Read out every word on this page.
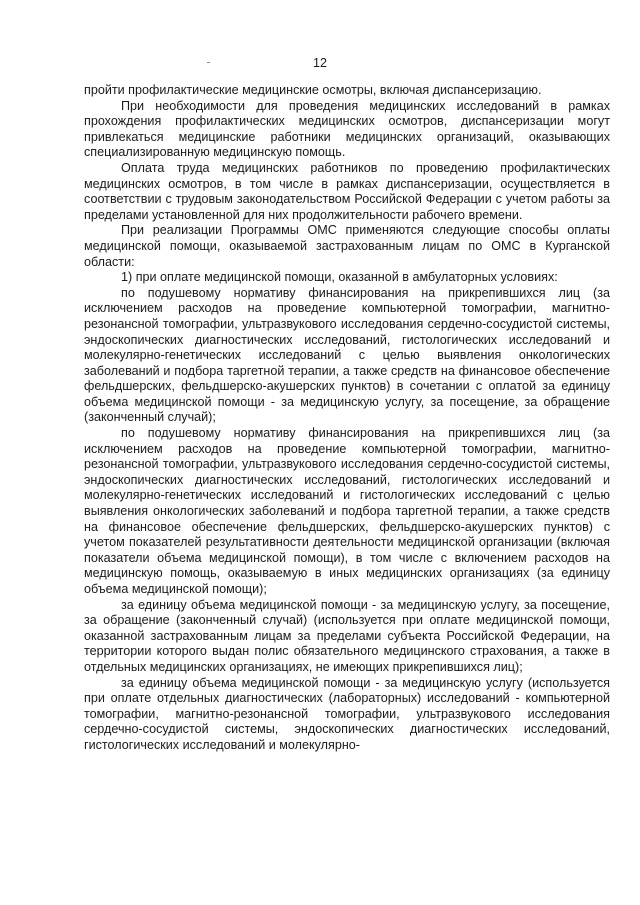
12

пройти профилактические медицинские осмотры, включая диспансеризацию.

При необходимости для проведения медицинских исследований в рамках прохождения профилактических медицинских осмотров, диспансеризации могут привлекаться медицинские работники медицинских организаций, оказывающих специализированную медицинскую помощь.

Оплата труда медицинских работников по проведению профилактических медицинских осмотров, в том числе в рамках диспансеризации, осуществляется в соответствии с трудовым законодательством Российской Федерации с учетом работы за пределами установленной для них продолжительности рабочего времени.

При реализации Программы ОМС применяются следующие способы оплаты медицинской помощи, оказываемой застрахованным лицам по ОМС в Курганской области:

1) при оплате медицинской помощи, оказанной в амбулаторных условиях:

по подушевому нормативу финансирования на прикрепившихся лиц (за исключением расходов на проведение компьютерной томографии, магнитно-резонансной томографии, ультразвукового исследования сердечно-сосудистой системы, эндоскопических диагностических исследований, гистологических исследований и молекулярно-генетических исследований с целью выявления онкологических заболеваний и подбора таргетной терапии, а также средств на финансовое обеспечение фельдшерских, фельдшерско-акушерских пунктов) в сочетании с оплатой за единицу объема медицинской помощи - за медицинскую услугу, за посещение, за обращение (законченный случай);

по подушевому нормативу финансирования на прикрепившихся лиц (за исключением расходов на проведение компьютерной томографии, магнитно-резонансной томографии, ультразвукового исследования сердечно-сосудистой системы, эндоскопических диагностических исследований, гистологических исследований и молекулярно-генетических исследований и гистологических исследований с целью выявления онкологических заболеваний и подбора таргетной терапии, а также средств на финансовое обеспечение фельдшерских, фельдшерско-акушерских пунктов) с учетом показателей результативности деятельности медицинской организации (включая показатели объема медицинской помощи), в том числе с включением расходов на медицинскую помощь, оказываемую в иных медицинских организациях (за единицу объема медицинской помощи);

за единицу объема медицинской помощи - за медицинскую услугу, за посещение, за обращение (законченный случай) (используется при оплате медицинской помощи, оказанной застрахованным лицам за пределами субъекта Российской Федерации, на территории которого выдан полис обязательного медицинского страхования, а также в отдельных медицинских организациях, не имеющих прикрепившихся лиц);

за единицу объема медицинской помощи - за медицинскую услугу (используется при оплате отдельных диагностических (лабораторных) исследований - компьютерной томографии, магнитно-резонансной томографии, ультразвукового исследования сердечно-сосудистой системы, эндоскопических диагностических исследований, гистологических исследований и молекулярно-
